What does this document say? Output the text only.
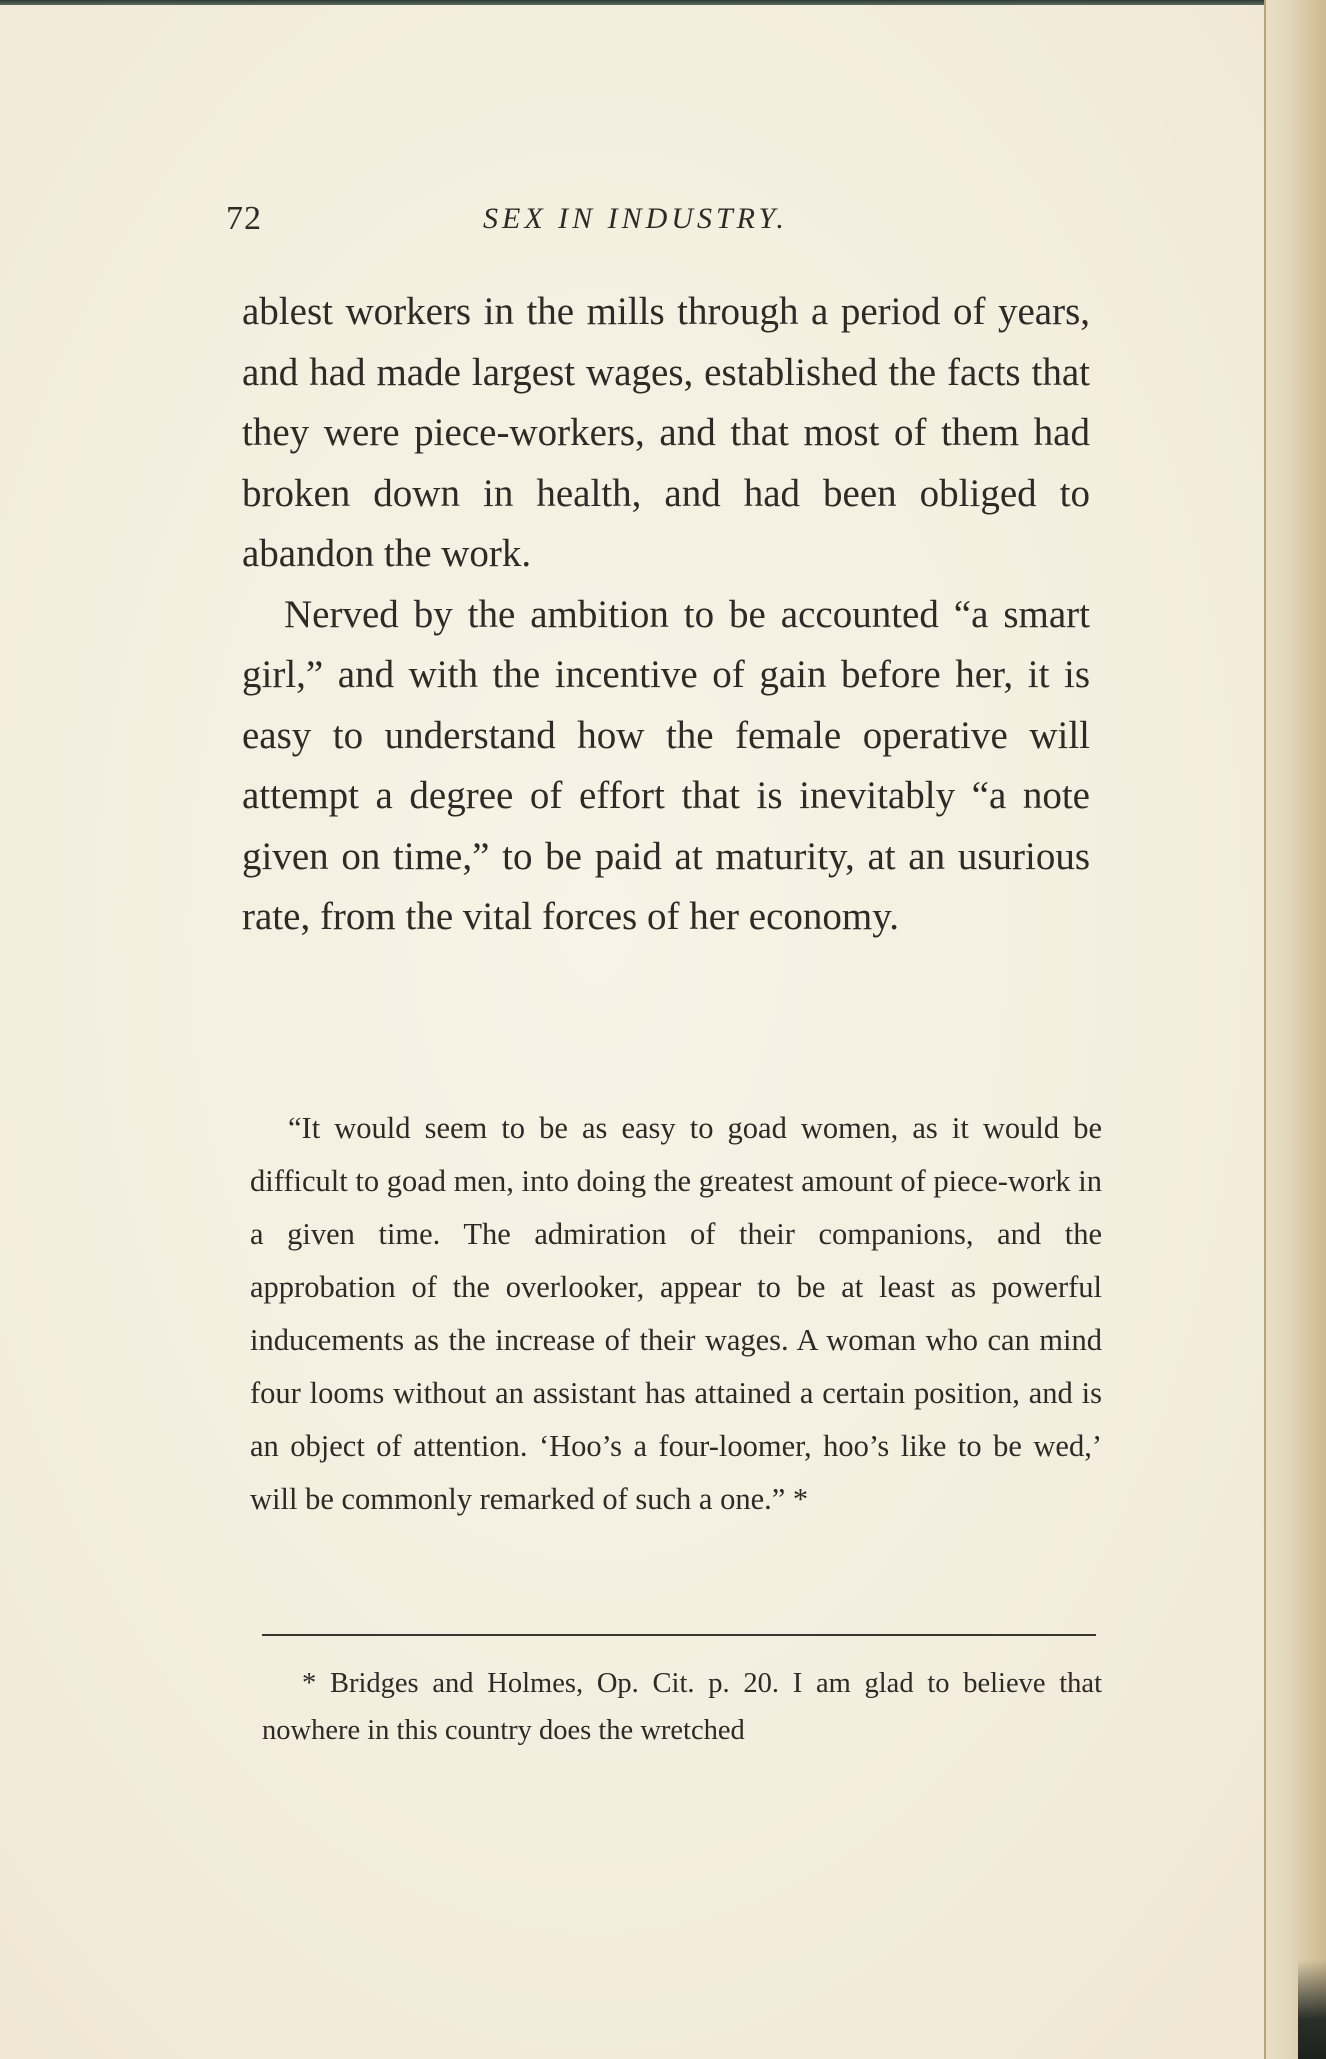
72	SEX IN INDUSTRY.

ablest workers in the mills through a period of years, and had made largest wages, established the facts that they were piece-workers, and that most of them had broken down in health, and had been obliged to abandon the work.

Nerved by the ambition to be accounted “a smart girl,” and with the incentive of gain before her, it is easy to understand how the female operative will attempt a degree of effort that is inevitably “a note given on time,” to be paid at maturity, at an usurious rate, from the vital forces of her economy.

“It would seem to be as easy to goad women, as it would be difficult to goad men, into doing the greatest amount of piece-work in a given time. The admiration of their companions, and the approbation of the overlooker, appear to be at least as powerful inducements as the increase of their wages. A woman who can mind four looms without an assistant has attained a certain position, and is an object of attention. ‘Hoo’s a four-loomer, hoo’s like to be wed,’ will be commonly remarked of such a one.” *

* Bridges and Holmes, Op. Cit. p. 20. I am glad to believe that nowhere in this country does the wretched
